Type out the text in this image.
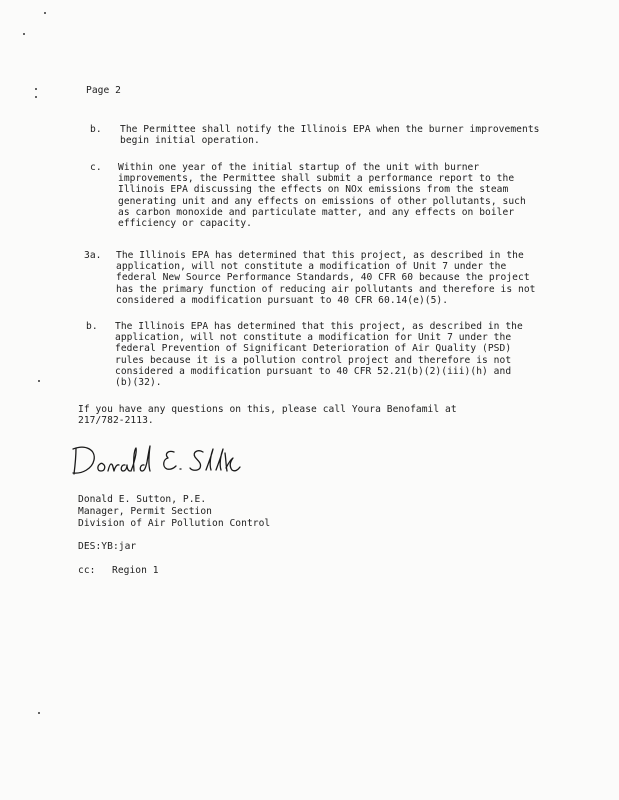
Page 2
b. The Permittee shall notify the Illinois EPA when the burner improvements
begin initial operation.
c. Within one year of the initial startup of the unit with burner
improvements, the Permittee shall submit a performance report to the
Illinois EPA discussing the effects on NOx emissions from the steam
generating unit and any effects on emissions of other pollutants, such
as carbon monoxide and particulate matter, and any effects on boiler
efficiency or capacity.
3a. The Illinois EPA has determined that this project, as described in the
application, will not constitute a modification of Unit 7 under the
federal New Source Performance Standards, 40 CFR 60 because the project
has the primary function of reducing air pollutants and therefore is not
considered a modification pursuant to 40 CFR 60.14(e)(5).
b. The Illinois EPA has determined that this project, as described in the
application, will not constitute a modification for Unit 7 under the
federal Prevention of Significant Deterioration of Air Quality (PSD)
rules because it is a pollution control project and therefore is not
considered a modification pursuant to 40 CFR 52.21(b)(2)(iii)(h) and
(b)(32).
If you have any questions on this, please call Youra Benofamil at
217/782-2113.
Donald E. Sutton, P.E.
Manager, Permit Section
Division of Air Pollution Control
DES:YB:jar
cc: Region 1
